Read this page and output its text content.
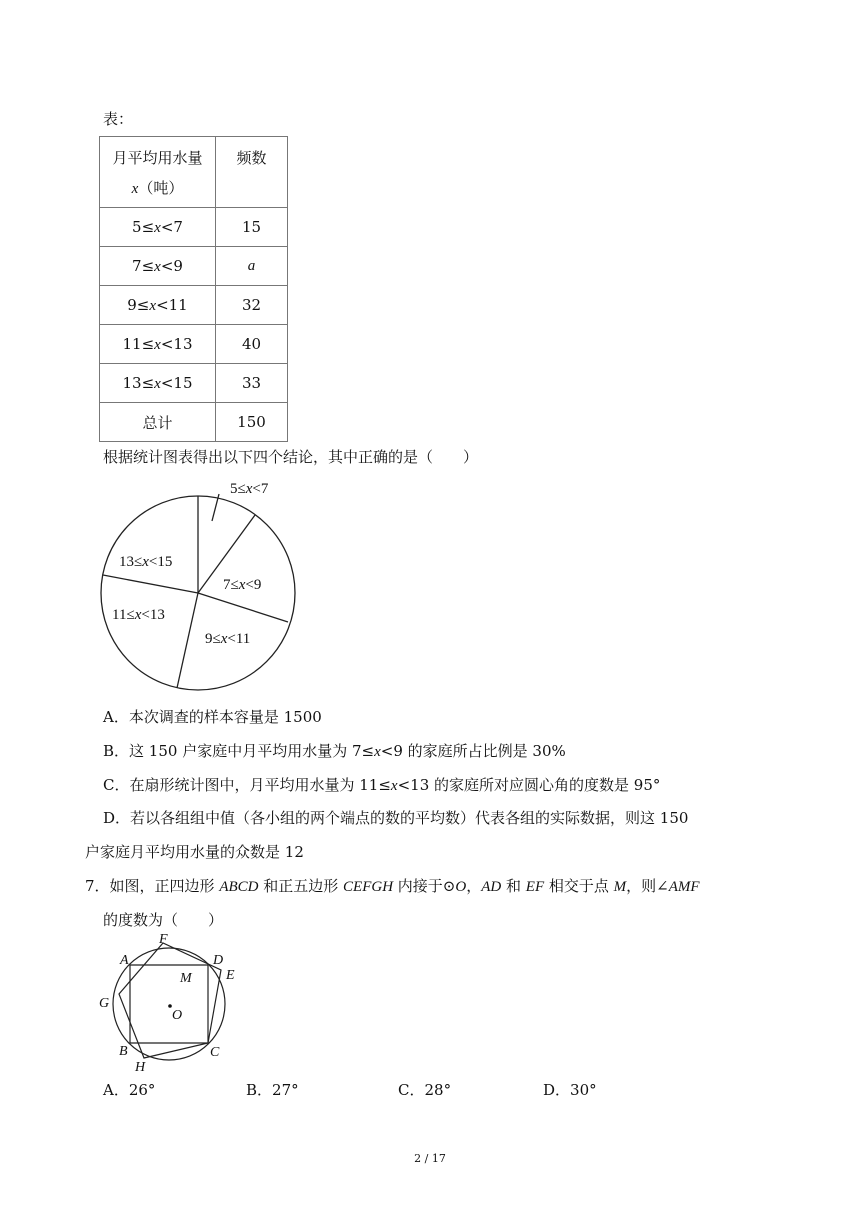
表：
月平均用水量
x（吨）	频数

5≤x<7	15
7≤x<9	a
9≤x<11	32
11≤x<13	40
13≤x<15	33
总计	150
根据统计图表得出以下四个结论，其中正确的是（　　）
5≤x<7
7≤x<9
9≤x<11
11≤x<13
13≤x<15
A．本次调查的样本容量是 1500
B．这 150 户家庭中月平均用水量为 7≤x<9 的家庭所占比例是 30%
C．在扇形统计图中，月平均用水量为 11≤x<13 的家庭所对应圆心角的度数是 95°
D．若以各组组中值（各小组的两个端点的数的平均数）代表各组的实际数据，则这 150
户家庭月平均用水量的众数是 12
7．如图，正四边形 ABCD 和正五边形 CEFGH 内接于⊙O，AD 和 EF 相交于点 M，则∠AMF
的度数为（　　）
A
B	C
D
E
F
G
H
M
O
A．26°	B．27°	C．28°	D．30°
2 / 17
